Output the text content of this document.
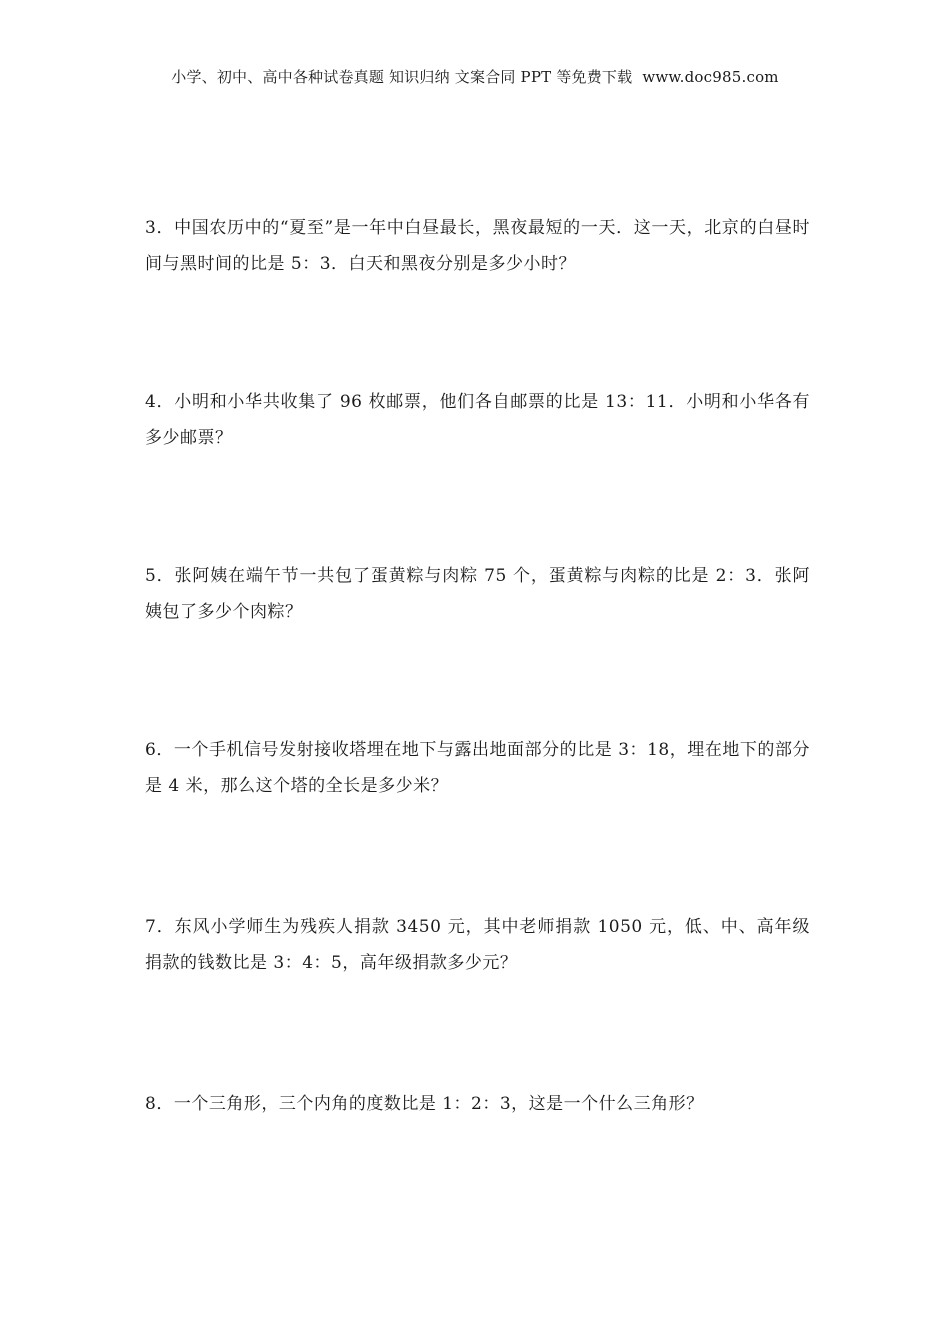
小学、初中、高中各种试卷真题 知识归纳 文案合同 PPT 等免费下载 www.doc985.com
3．中国农历中的“夏至”是一年中白昼最长，黑夜最短的一天．这一天，北京的白昼时间与黑时间的比是 5：3．白天和黑夜分别是多少小时？
4．小明和小华共收集了 96 枚邮票，他们各自邮票的比是 13：11．小明和小华各有多少邮票？
5．张阿姨在端午节一共包了蛋黄粽与肉粽 75 个，蛋黄粽与肉粽的比是 2：3．张阿姨包了多少个肉粽？
6．一个手机信号发射接收塔埋在地下与露出地面部分的比是 3：18，埋在地下的部分是 4 米，那么这个塔的全长是多少米？
7．东风小学师生为残疾人捐款 3450 元，其中老师捐款 1050 元，低、中、高年级捐款的钱数比是 3：4：5，高年级捐款多少元？
8．一个三角形，三个内角的度数比是 1：2：3，这是一个什么三角形？
